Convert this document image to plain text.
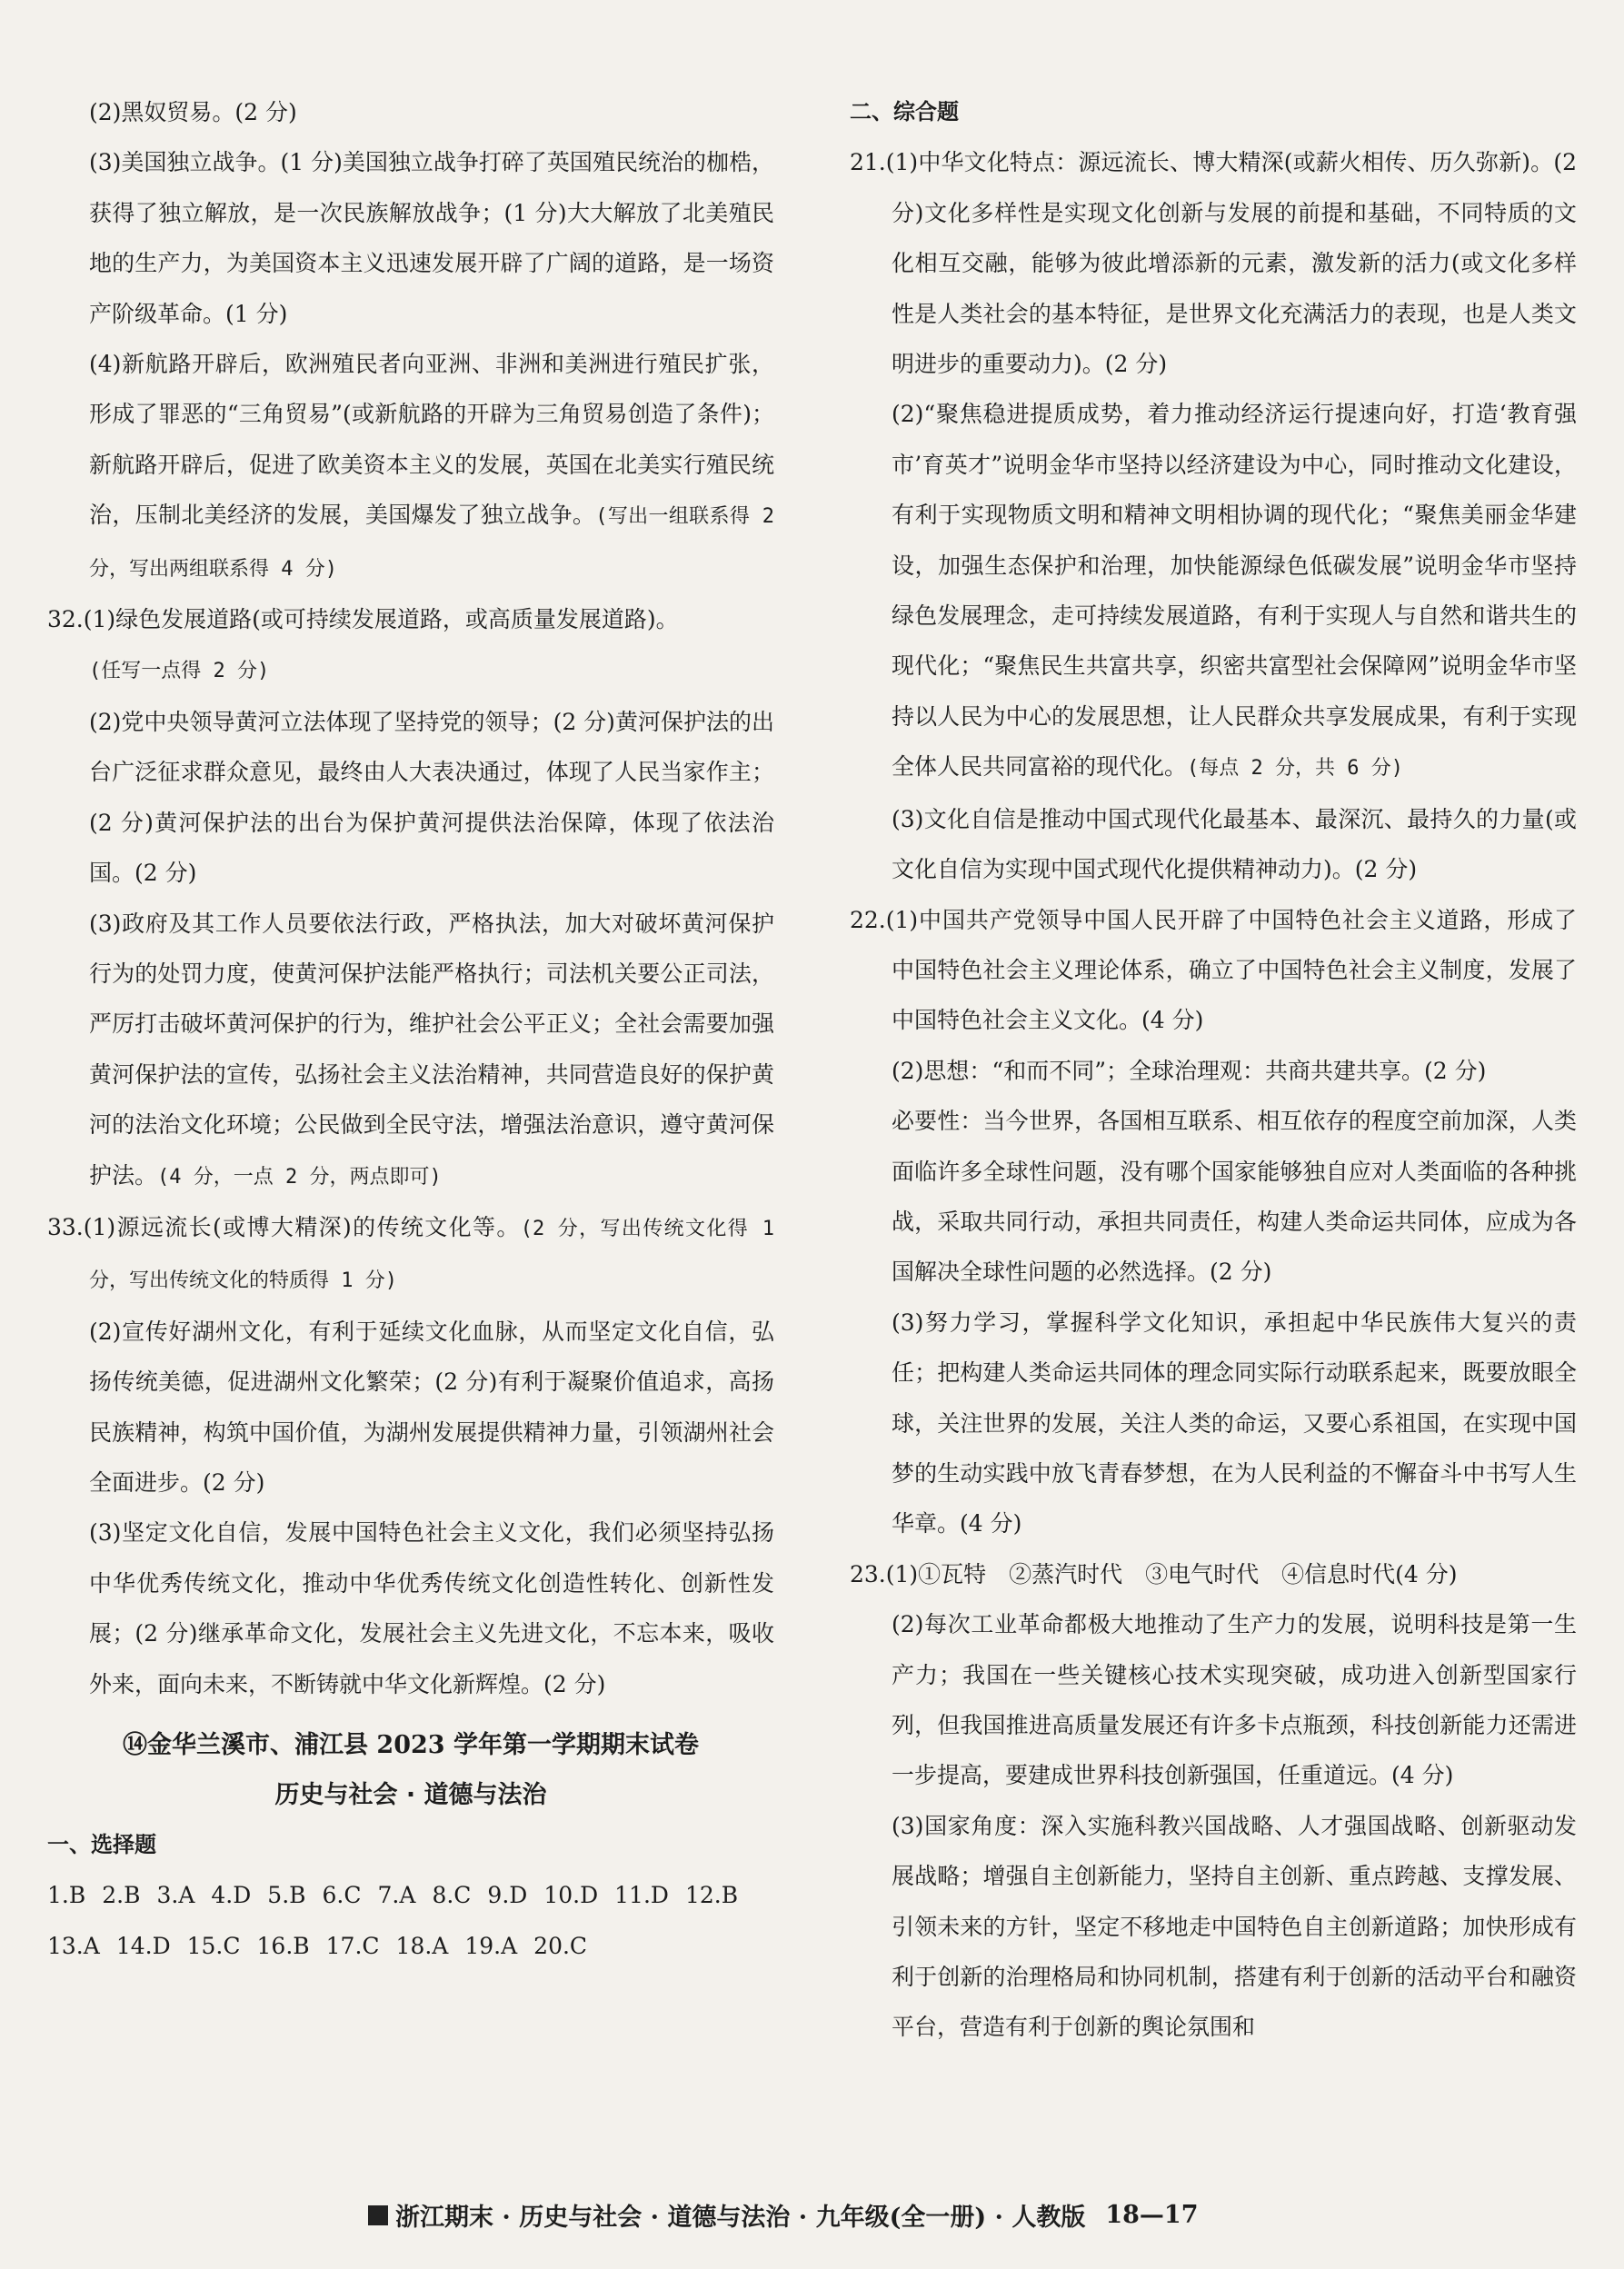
(2)黑奴贸易。(2 分)

(3)美国独立战争。(1 分)美国独立战争打碎了英国殖民统治的枷梏，获得了独立解放，是一次民族解放战争；(1 分)大大解放了北美殖民地的生产力，为美国资本主义迅速发展开辟了广阔的道路，是一场资产阶级革命。(1 分)

(4)新航路开辟后，欧洲殖民者向亚洲、非洲和美洲进行殖民扩张，形成了罪恶的“三角贸易”(或新航路的开辟为三角贸易创造了条件)；新航路开辟后，促进了欧美资本主义的发展，英国在北美实行殖民统治，压制北美经济的发展，美国爆发了独立战争。(写出一组联系得 2 分，写出两组联系得 4 分)

32.(1)绿色发展道路(或可持续发展道路，或高质量发展道路)。
(任写一点得 2 分)

(2)党中央领导黄河立法体现了坚持党的领导；(2 分)黄河保护法的出台广泛征求群众意见，最终由人大表决通过，体现了人民当家作主；(2 分)黄河保护法的出台为保护黄河提供法治保障，体现了依法治国。(2 分)

(3)政府及其工作人员要依法行政，严格执法，加大对破坏黄河保护行为的处罚力度，使黄河保护法能严格执行；司法机关要公正司法，严厉打击破坏黄河保护的行为，维护社会公平正义；全社会需要加强黄河保护法的宣传，弘扬社会主义法治精神，共同营造良好的保护黄河的法治文化环境；公民做到全民守法，增强法治意识，遵守黄河保护法。(4 分，一点 2 分，两点即可)

33.(1)源远流长(或博大精深)的传统文化等。(2 分，写出传统文化得 1 分，写出传统文化的特质得 1 分)

(2)宣传好湖州文化，有利于延续文化血脉，从而坚定文化自信，弘扬传统美德，促进湖州文化繁荣；(2 分)有利于凝聚价值追求，高扬民族精神，构筑中国价值，为湖州发展提供精神力量，引领湖州社会全面进步。(2 分)

(3)坚定文化自信，发展中国特色社会主义文化，我们必须坚持弘扬中华优秀传统文化，推动中华优秀传统文化创造性转化、创新性发展；(2 分)继承革命文化，发展社会主义先进文化，不忘本来，吸收外来，面向未来，不断铸就中华文化新辉煌。(2 分)

⑭金华兰溪市、浦江县 2023 学年第一学期期末试卷
历史与社会 · 道德与法治

一、选择题

1.B 2.B 3.A 4.D 5.B 6.C 7.A 8.C 9.D 10.D 11.D 12.B
13.A 14.D 15.C 16.B 17.C 18.A 19.A 20.C

二、综合题

21.(1)中华文化特点：源远流长、博大精深(或薪火相传、历久弥新)。(2 分)文化多样性是实现文化创新与发展的前提和基础，不同特质的文化相互交融，能够为彼此增添新的元素，激发新的活力(或文化多样性是人类社会的基本特征，是世界文化充满活力的表现，也是人类文明进步的重要动力)。(2 分)

(2)“聚焦稳进提质成势，着力推动经济运行提速向好，打造‘教育强市’育英才”说明金华市坚持以经济建设为中心，同时推动文化建设，有利于实现物质文明和精神文明相协调的现代化；“聚焦美丽金华建设，加强生态保护和治理，加快能源绿色低碳发展”说明金华市坚持绿色发展理念，走可持续发展道路，有利于实现人与自然和谐共生的现代化；“聚焦民生共富共享，织密共富型社会保障网”说明金华市坚持以人民为中心的发展思想，让人民群众共享发展成果，有利于实现全体人民共同富裕的现代化。(每点 2 分，共 6 分)

(3)文化自信是推动中国式现代化最基本、最深沉、最持久的力量(或文化自信为实现中国式现代化提供精神动力)。(2 分)

22.(1)中国共产党领导中国人民开辟了中国特色社会主义道路，形成了中国特色社会主义理论体系，确立了中国特色社会主义制度，发展了中国特色社会主义文化。(4 分)

(2)思想：“和而不同”；全球治理观：共商共建共享。(2 分)

必要性：当今世界，各国相互联系、相互依存的程度空前加深，人类面临许多全球性问题，没有哪个国家能够独自应对人类面临的各种挑战，采取共同行动，承担共同责任，构建人类命运共同体，应成为各国解决全球性问题的必然选择。(2 分)

(3)努力学习，掌握科学文化知识，承担起中华民族伟大复兴的责任；把构建人类命运共同体的理念同实际行动联系起来，既要放眼全球，关注世界的发展，关注人类的命运，又要心系祖国，在实现中国梦的生动实践中放飞青春梦想，在为人民利益的不懈奋斗中书写人生华章。(4 分)

23.(1)①瓦特　②蒸汽时代　③电气时代　④信息时代(4 分)

(2)每次工业革命都极大地推动了生产力的发展，说明科技是第一生产力；我国在一些关键核心技术实现突破，成功进入创新型国家行列，但我国推进高质量发展还有许多卡点瓶颈，科技创新能力还需进一步提高，要建成世界科技创新强国，任重道远。(4 分)

(3)国家角度：深入实施科教兴国战略、人才强国战略、创新驱动发展战略；增强自主创新能力，坚持自主创新、重点跨越、支撑发展、引领未来的方针，坚定不移地走中国特色自主创新道路；加快形成有利于创新的治理格局和协同机制，搭建有利于创新的活动平台和融资平台，营造有利于创新的舆论氛围和

浙江期末 · 历史与社会 · 道德与法治 · 九年级(全一册) · 人教版 18—17
